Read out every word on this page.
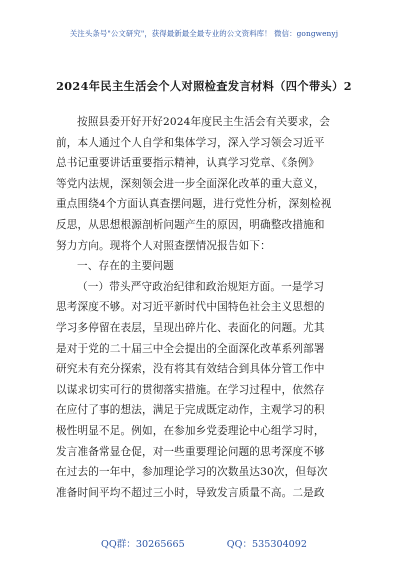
关注头条号"公文研究"，获得最新最全最专业的公文资料库！ 微信：gongwenyj
2024年民主生活会个人对照检查发言材料（四个带头）2
按照县委开好开好2024年度民主生活会有关要求，会
前，本人通过个人自学和集体学习，深入学习领会习近平
总书记重要讲话重要指示精神，认真学习党章、《条例》
等党内法规，深刻领会进一步全面深化改革的重大意义，
重点围绕4个方面认真查摆问题，进行党性分析，深刻检视
反思，从思想根源剖析问题产生的原因，明确整改措施和
努力方向。现将个人对照查摆情况报告如下：
一、存在的主要问题
（一）带头严守政治纪律和政治规矩方面。一是学习
思考深度不够。对习近平新时代中国特色社会主义思想的
学习多停留在表层，呈现出碎片化、表面化的问题。尤其
是对于党的二十届三中全会提出的全面深化改革系列部署
研究未有充分探索，没有将其有效结合到具体分管工作中
以谋求切实可行的贯彻落实措施。在学习过程中，依然存
在应付了事的想法，满足于完成既定动作，主观学习的积
极性明显不足。例如，在参加乡党委理论中心组学习时，
发言准备常显仓促，对一些重要理论问题的思考深度不够
在过去的一年中，参加理论学习的次数虽达30次，但每次
准备时间平均不超过三小时，导致发言质量不高。二是政
QQ群：30265665	QQ：535304092
